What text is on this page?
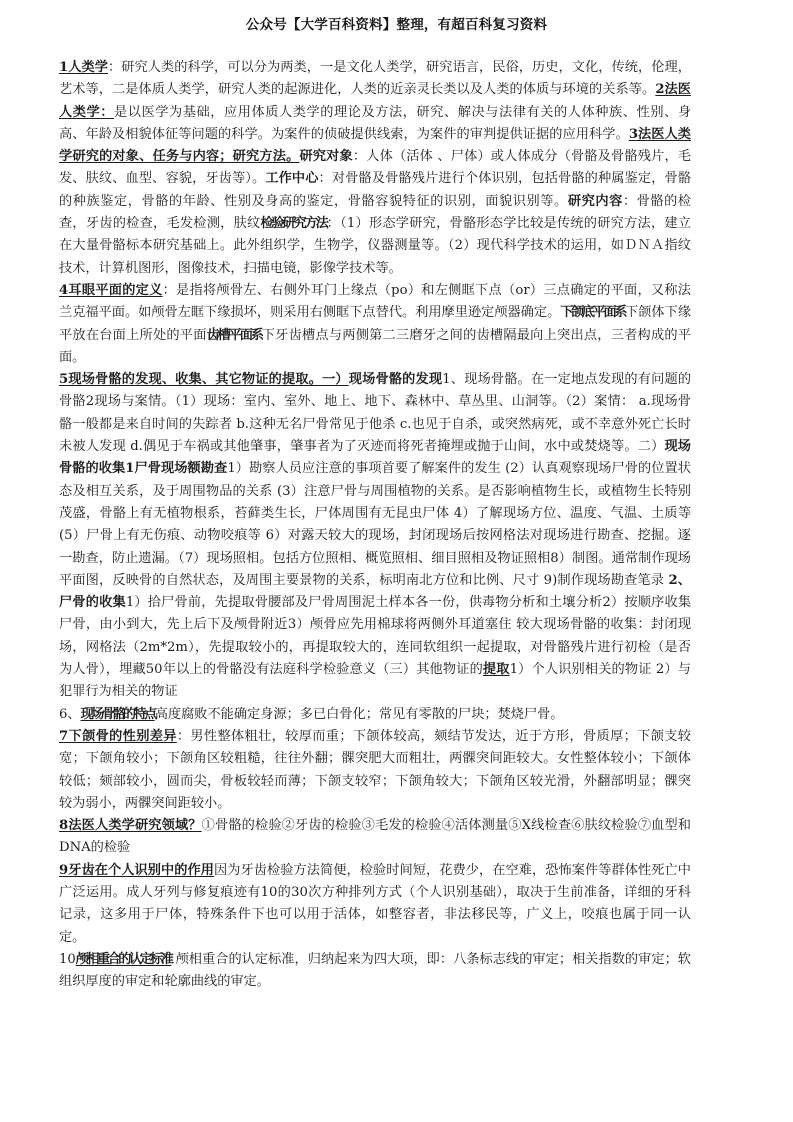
公众号【大学百科资料】整理，有超百科复习资料

1人类学：研究人类的科学，可以分为两类，一是文化人类学，研究语言，民俗，历史，文化，传统，伦理，艺术等，二是体质人类学，研究人类的起源进化，人类的近亲灵长类以及人类的体质与环境的关系等。2法医人类学：是以医学为基础，应用体质人类学的理论及方法，研究、解决与法律有关的人体种族、性别、身高、年龄及相貌体征等问题的科学。为案件的侦破提供线索，为案件的审判提供证据的应用科学。3法医人类学研究的对象、任务与内容；研究方法。研究对象：人体（活体 、尸体）或人体成分（骨骼及骨骼残片，毛发、肤纹、血型、容貌，牙齿等）。工作中心：对骨骼及骨骼残片进行个体识别，包括骨骼的种属鉴定，骨骼的种族鉴定，骨骼的年龄、性别及身高的鉴定，骨骼容貌特征的识别，面貌识别等。研究内容：骨骼的检查，牙齿的检查，毛发检测，肤纹检验研究方法：（1）形态学研究，骨骼形态学比较是传统的研究方法，建立在大量骨骼标本研究基础上。此外组织学，生物学，仪器测量等。（2）现代科学技术的运用，如ＤＮＡ指纹技术，计算机图形，图像技术，扫描电镜，影像学技术等。

4耳眼平面的定义：是指将颅骨左、右侧外耳门上缘点（po）和左侧眶下点（or）三点确定的平面，又称法兰克福平面。如颅骨左眶下缘损坏，则采用右侧眶下点替代。利用摩里逊定颅器确定。下颌底平面系下颌体下缘平放在台面上所处的平面齿槽平面系下牙齿槽点与两侧第二三磨牙之间的齿槽隔最向上突出点，三者构成的平面。

5现场骨骼的发现、收集、其它物证的提取。一）现场骨骼的发现1、现场骨骼。在一定地点发现的有问题的骨骼2现场与案情。（1）现场：室内、室外、地上、地下、森林中、草丛里、山洞等。（2）案情： a.现场骨骼一般都是来自时间的失踪者 b.这种无名尸骨常见于他杀 c.也见于自杀，或突然病死，或不幸意外死亡长时未被人发现 d.偶见于车祸或其他肇事，肇事者为了灭迹而将死者掩埋或抛于山间，水中或焚烧等。二）现场骨骼的收集1尸骨现场额勘查1）勘察人员应注意的事项首要了解案件的发生 (2）认真观察现场尸骨的位置状态及相互关系，及于周围物品的关系 (3）注意尸骨与周围植物的关系。是否影响植物生长，或植物生长特别茂盛，骨骼上有无植物根系，苔藓类生长，尸体周围有无昆虫尸体 4）了解现场方位、温度、气温、土质等 (5）尸骨上有无伤痕、动物咬痕等 6）对露天较大的现场，封闭现场后按网格法对现场进行勘查、挖掘。逐一勘查，防止遗漏。（7）现场照相。包括方位照相、概览照相、细目照相及物证照相8）制图。通常制作现场平面图，反映骨的自然状态，及周围主要景物的关系，标明南北方位和比例、尺寸 9)制作现场勘查笔录 2、尸骨的收集1）拾尸骨前，先提取骨腰部及尸骨周围泥土样本各一份，供毒物分析和土壤分析2）按顺序收集尸骨，由小到大，先上后下及颅骨附近3）颅骨应先用棉球将两侧外耳道塞住 较大现场骨骼的收集：封闭现场，网格法（2m*2m），先提取较小的，再提取较大的，连同软组织一起提取，对骨骼残片进行初检（是否为人骨），埋藏50年以上的骨骼没有法庭科学检验意义（三）其他物证的提取1）个人识别相关的物证 2）与犯罪行为相关的物证

6、现场骨骼的特点高度腐败不能确定身源；多已白骨化；常见有零散的尸块；焚烧尸骨。

7下颌骨的性别差异：男性整体粗壮，较厚而重；下颌体较高，颏结节发达，近于方形，骨质厚；下颌支较宽；下颌角较小；下颌角区较粗糙，往往外翻；髁突肥大而粗壮，两髁突间距较大。女性整体较小；下颌体较低；颏部较小，圆而尖，骨板较轻而薄；下颌支较窄；下颌角较大；下颌角区较光滑，外翻部明显；髁突较为弱小，两髁突间距较小。

8法医人类学研究领域？①骨骼的检验②牙齿的检验③毛发的检验④活体测量⑤X线检查⑥肤纹检验⑦血型和DNA的检验

9牙齿在个人识别中的作用因为牙齿检验方法简便，检验时间短，花费少，在空难，恐怖案件等群体性死亡中广泛运用。成人牙列与修复痕迹有10的30次方种排列方式（个人识别基础），取决于生前准备，详细的牙科记录，这多用于尸体，特殊条件下也可以用于活体，如整容者，非法移民等，广义上，咬痕也属于同一认定。

10颅相重合的认定标准 颅相重合的认定标准，归纳起来为四大项，即：八条标志线的审定；相关指数的审定；软组织厚度的审定和轮廓曲线的审定。
